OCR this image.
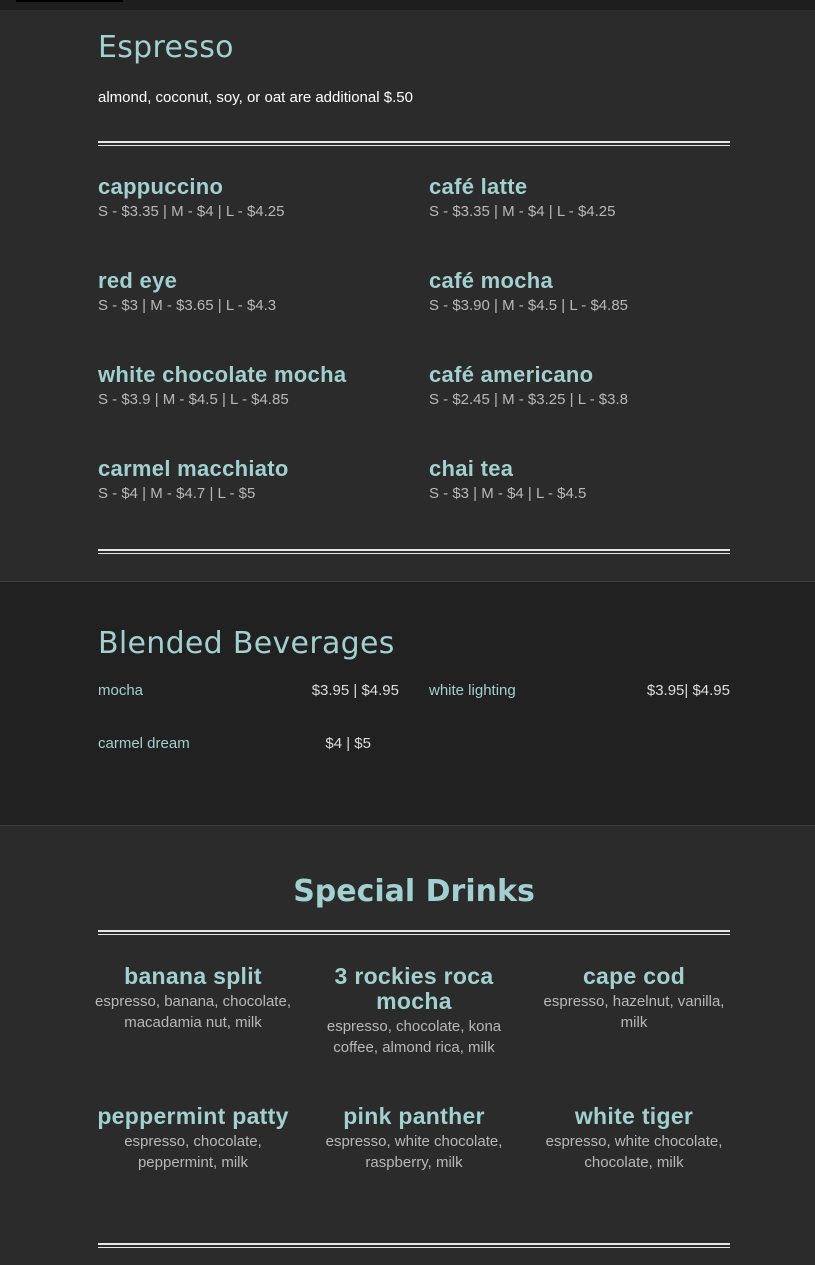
Espresso

almond, coconut, soy, or oat are additional $.50

cappuccino
S - $3.35 | M - $4 | L - $4.25
café latte
S - $3.35 | M - $4 | L - $4.25
red eye
S - $3 | M - $3.65 | L - $4.3
café mocha
S - $3.90 | M - $4.5 | L - $4.85
white chocolate mocha
S - $3.9 | M - $4.5 | L - $4.85
café americano
S - $2.45 | M - $3.25 | L - $3.8
carmel macchiato
S - $4 | M - $4.7 | L - $5
chai tea
S - $3 | M - $4 | L - $4.5
Blended Beverages
mocha	$3.95 | $4.95 white lighting	$3.95| $4.95
carmel dream	$4 | $5
Special Drinks
banana split
espresso, banana, chocolate, macadamia nut, milk
3 rockies roca mocha
espresso, chocolate, kona coffee, almond rica, milk
cape cod
espresso, hazelnut, vanilla, milk
peppermint patty
espresso, chocolate, peppermint, milk
pink panther
espresso, white chocolate, raspberry, milk
white tiger
espresso, white chocolate, chocolate, milk
